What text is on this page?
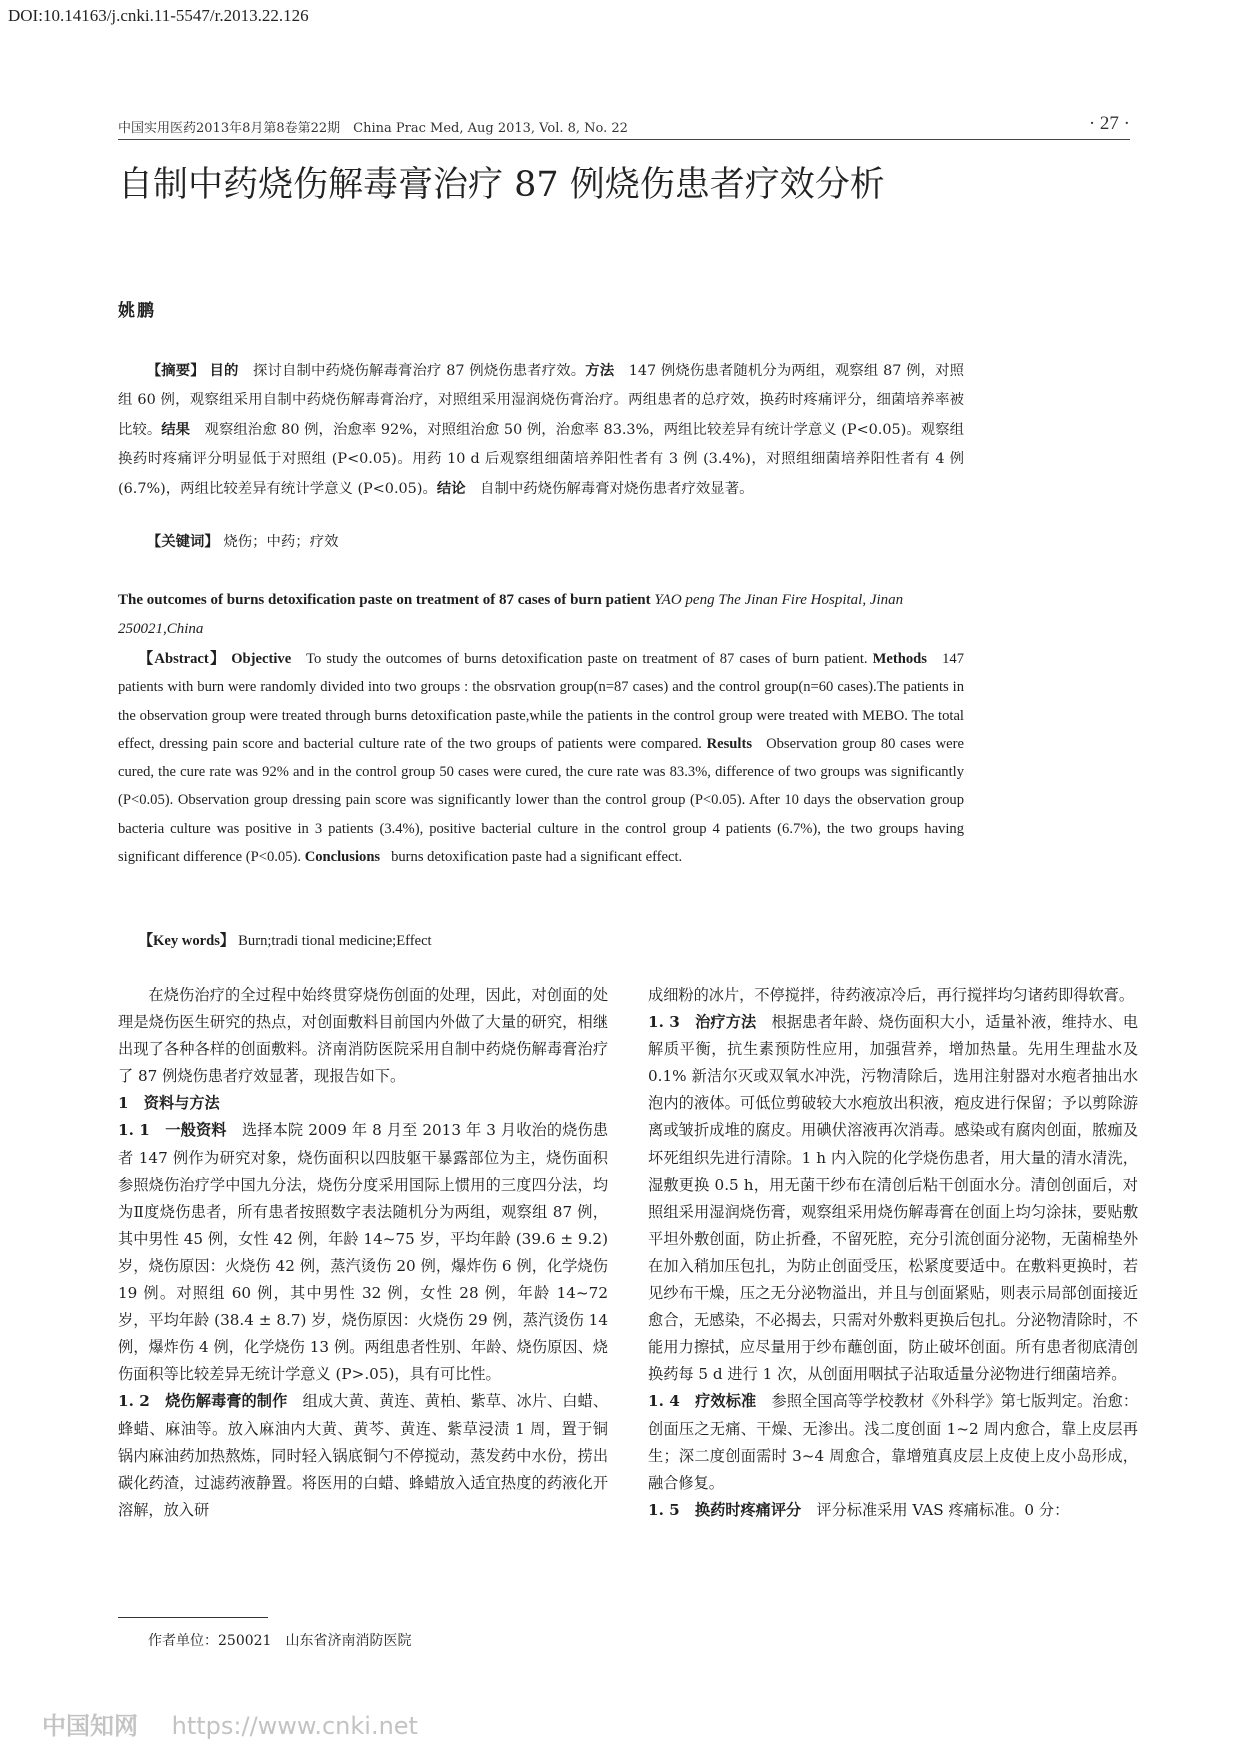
DOI:10.14163/j.cnki.11-5547/r.2013.22.126
中国实用医药2013年8月第8卷第22期　China Prac Med, Aug 2013, Vol. 8, No. 22	· 27 ·
自制中药烧伤解毒膏治疗 87 例烧伤患者疗效分析
姚鹏

【摘要】 目的　 探讨自制中药烧伤解毒膏治疗 87 例烧伤患者疗效。方法　 147 例烧伤患者随机分为两组，观察组 87 例，对照组 60 例，观察组采用自制中药烧伤解毒膏治疗，对照组采用湿润烧伤膏治疗。两组患者的总疗效，换药时疼痛评分，细菌培养率被比较。结果　 观察组治愈 80 例，治愈率 92%，对照组治愈 50 例，治愈率 83.3%，两组比较差异有统计学意义 (P<0.05)。观察组换药时疼痛评分明显低于对照组 (P<0.05)。用药 10 d 后观察组细菌培养阳性者有 3 例 (3.4%)，对照组细菌培养阳性者有 4 例 (6.7%)，两组比较差异有统计学意义 (P<0.05)。结论　 自制中药烧伤解毒膏对烧伤患者疗效显著。

【关键词】 烧伤；中药；疗效
The outcomes of burns detoxification paste on treatment of 87 cases of burn patient YAO peng The Jinan Fire Hospital, Jinan 250021,China

【Abstract】 Objective To study the outcomes of burns detoxification paste on treatment of 87 cases of burn patient. Methods 147 patients with burn were randomly divided into two groups : the obsrvation group(n=87 cases) and the control group(n=60 cases).The patients in the observation group were treated through burns detoxification paste,while the patients in the control group were treated with MEBO. The total effect, dressing pain score and bacterial culture rate of the two groups of patients were compared. Results Observation group 80 cases were cured, the cure rate was 92% and in the control group 50 cases were cured, the cure rate was 83.3%, difference of two groups was significantly (P<0.05). Observation group dressing pain score was significantly lower than the control group (P<0.05). After 10 days the observation group bacteria culture was positive in 3 patients (3.4%), positive bacterial culture in the control group 4 patients (6.7%), the two groups having significant difference (P<0.05). Conclusions burns detoxification paste had a significant effect.

【Key words】 Burn;tradi tional medicine;Effect

在烧伤治疗的全过程中始终贯穿烧伤创面的处理，因此，对创面的处理是烧伤医生研究的热点，对创面敷料目前国内外做了大量的研究，相继出现了各种各样的创面敷料。济南消防医院采用自制中药烧伤解毒膏治疗了 87 例烧伤患者疗效显著，现报告如下。

1　资料与方法

1. 1　一般资料　 选择本院 2009 年 8 月至 2013 年 3 月收治的烧伤患者 147 例作为研究对象，烧伤面积以四肢躯干暴露部位为主，烧伤面积参照烧伤治疗学中国九分法，烧伤分度采用国际上惯用的三度四分法，均为Ⅱ度烧伤患者，所有患者按照数字表法随机分为两组，观察组 87 例，其中男性 45 例，女性 42 例，年龄 14~75 岁，平均年龄 (39.6 ± 9.2) 岁，烧伤原因：火烧伤 42 例，蒸汽烫伤 20 例，爆炸伤 6 例，化学烧伤 19 例。对照组 60 例，其中男性 32 例，女性 28 例，年龄 14~72 岁，平均年龄 (38.4 ± 8.7) 岁，烧伤原因：火烧伤 29 例，蒸汽烫伤 14 例，爆炸伤 4 例，化学烧伤 13 例。两组患者性别、年龄、烧伤原因、烧伤面积等比较差异无统计学意义 (P>.05)，具有可比性。

1. 2　烧伤解毒膏的制作　 组成大黄、黄连、黄柏、紫草、冰片、白蜡、蜂蜡、麻油等。放入麻油内大黄、黄芩、黄连、紫草浸渍 1 周，置于铜锅内麻油药加热熬炼，同时轻入锅底铜勺不停搅动，蒸发药中水份，捞出碳化药渣，过滤药液静置。将医用的白蜡、蜂蜡放入适宜热度的药液化开溶解，放入研

成细粉的冰片，不停搅拌，待药液凉冷后，再行搅拌均匀诸药即得软膏。

1. 3　治疗方法　 根据患者年龄、烧伤面积大小，适量补液，维持水、电解质平衡，抗生素预防性应用，加强营养，增加热量。先用生理盐水及 0.1% 新洁尔灭或双氧水冲洗，污物清除后，选用注射器对水疱者抽出水泡内的液体。可低位剪破较大水疱放出积液，疱皮进行保留；予以剪除游离或皱折成堆的腐皮。用碘伏溶液再次消毒。感染或有腐肉创面，脓痂及坏死组织先进行清除。1 h 内入院的化学烧伤患者，用大量的清水清洗，湿敷更换 0.5 h，用无菌干纱布在清创后粘干创面水分。清创创面后，对照组采用湿润烧伤膏，观察组采用烧伤解毒膏在创面上均匀涂抹，要贴敷平坦外敷创面，防止折叠，不留死腔，充分引流创面分泌物，无菌棉垫外在加入稍加压包扎，为防止创面受压，松紧度要适中。在敷料更换时，若见纱布干燥，压之无分泌物溢出，并且与创面紧贴，则表示局部创面接近愈合，无感染，不必揭去，只需对外敷料更换后包扎。分泌物清除时，不能用力擦拭，应尽量用于纱布蘸创面，防止破坏创面。所有患者彻底清创换药每 5 d 进行 1 次，从创面用咽拭子沾取适量分泌物进行细菌培养。

1. 4　疗效标准　 参照全国高等学校教材《外科学》第七版判定。治愈：创面压之无痛、干燥、无渗出。浅二度创面 1~2 周内愈合，靠上皮层再生；深二度创面需时 3~4 周愈合，靠增殖真皮层上皮使上皮小岛形成，融合修复。

1. 5　换药时疼痛评分　 评分标准采用 VAS 疼痛标准。0 分：

作者单位：250021　山东省济南消防医院
中国知网 https://www.cnki.net
